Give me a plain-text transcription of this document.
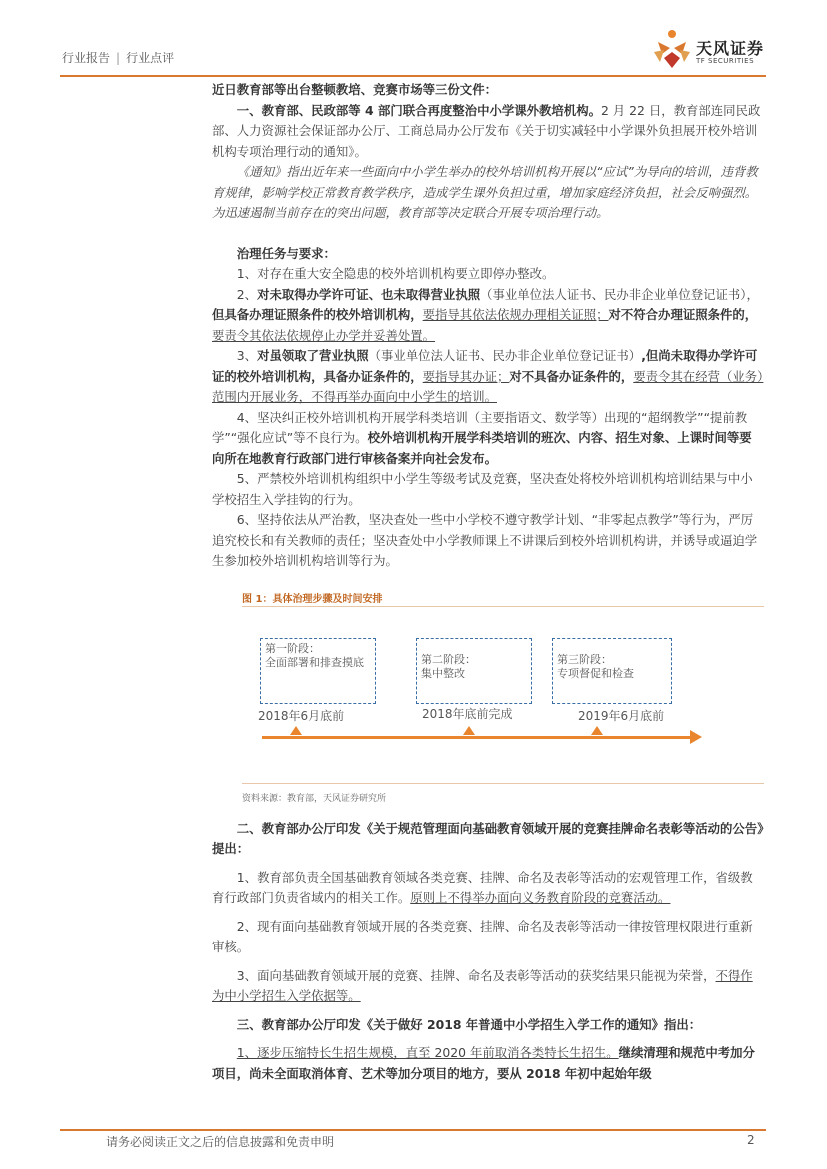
行业报告 | 行业点评	天风证券
TF SECURITIES

近日教育部等出台整顿教培、竞赛市场等三份文件：

一、教育部、民政部等 4 部门联合再度整治中小学课外教培机构。2 月 22 日，教育部连同民政部、人力资源社会保证部办公厅、工商总局办公厅发布《关于切实减轻中小学课外负担展开校外培训机构专项治理行动的通知》。

《通知》指出近年来一些面向中小学生举办的校外培训机构开展以“应试”为导向的培训，违背教育规律，影响学校正常教育教学秩序，造成学生课外负担过重，增加家庭经济负担，社会反响强烈。为迅速遏制当前存在的突出问题，教育部等决定联合开展专项治理行动。

治理任务与要求：

1、对存在重大安全隐患的校外培训机构要立即停办整改。

2、对未取得办学许可证、也未取得营业执照（事业单位法人证书、民办非企业单位登记证书），但具备办理证照条件的校外培训机构，要指导其依法依规办理相关证照；对不符合办理证照条件的，要责令其依法依规停止办学并妥善处置。

3、对虽领取了营业执照（事业单位法人证书、民办非企业单位登记证书）,但尚未取得办学许可证的校外培训机构，具备办证条件的，要指导其办证；对不具备办证条件的，要责令其在经营（业务）范围内开展业务，不得再举办面向中小学生的培训。

4、坚决纠正校外培训机构开展学科类培训（主要指语文、数学等）出现的“超纲教学”“提前教学”“强化应试”等不良行为。校外培训机构开展学科类培训的班次、内容、招生对象、上课时间等要向所在地教育行政部门进行审核备案并向社会发布。

5、严禁校外培训机构组织中小学生等级考试及竞赛，坚决查处将校外培训机构培训结果与中小学校招生入学挂钩的行为。

6、坚持依法从严治教，坚决查处一些中小学校不遵守教学计划、“非零起点教学”等行为，严厉追究校长和有关教师的责任；坚决查处中小学教师课上不讲课后到校外培训机构讲，并诱导或逼迫学生参加校外培训机构培训等行为。

图 1：具体治理步骤及时间安排
第一阶段：
全面部署和排查摸底	第二阶段：
集中整改
第三阶段：
专项督促和检查
2018年6月底前	2018年底前完成	2019年6月底前
资料来源：教育部，天风证券研究所

二、教育部办公厅印发《关于规范管理面向基础教育领域开展的竞赛挂牌命名表彰等活动的公告》提出：

1、教育部负责全国基础教育领域各类竞赛、挂牌、命名及表彰等活动的宏观管理工作，省级教育行政部门负责省域内的相关工作。原则上不得举办面向义务教育阶段的竞赛活动。

2、现有面向基础教育领域开展的各类竞赛、挂牌、命名及表彰等活动一律按管理权限进行重新审核。

3、面向基础教育领域开展的竞赛、挂牌、命名及表彰等活动的获奖结果只能视为荣誉，不得作为中小学招生入学依据等。

三、教育部办公厅印发《关于做好 2018 年普通中小学招生入学工作的通知》指出：

1、逐步压缩特长生招生规模，直至 2020 年前取消各类特长生招生。继续清理和规范中考加分项目，尚未全面取消体育、艺术等加分项目的地方，要从 2018 年初中起始年级

请务必阅读正文之后的信息披露和免责申明	2
